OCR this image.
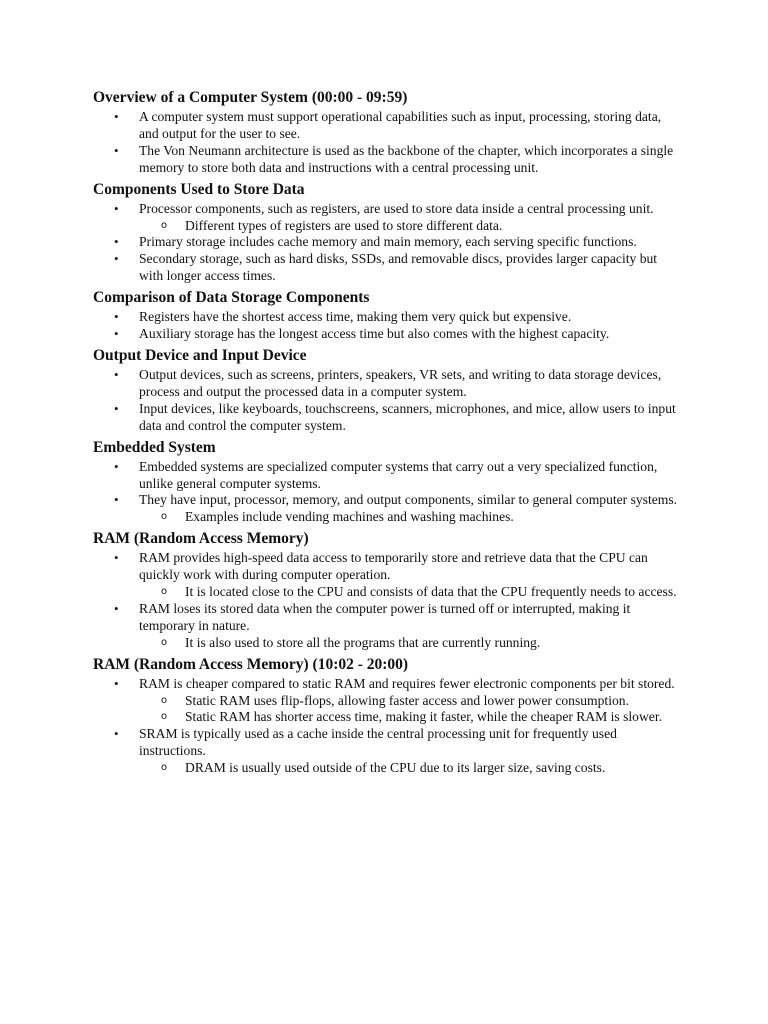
Overview of a Computer System (00:00 - 09:59)
• A computer system must support operational capabilities such as input, processing, storing data, and output for the user to see.
• The Von Neumann architecture is used as the backbone of the chapter, which incorporates a single memory to store both data and instructions with a central processing unit.
Components Used to Store Data
• Processor components, such as registers, are used to store data inside a central processing unit.
o Different types of registers are used to store different data.
• Primary storage includes cache memory and main memory, each serving specific functions.
• Secondary storage, such as hard disks, SSDs, and removable discs, provides larger capacity but with longer access times.
Comparison of Data Storage Components
• Registers have the shortest access time, making them very quick but expensive.
• Auxiliary storage has the longest access time but also comes with the highest capacity.
Output Device and Input Device
• Output devices, such as screens, printers, speakers, VR sets, and writing to data storage devices, process and output the processed data in a computer system.
• Input devices, like keyboards, touchscreens, scanners, microphones, and mice, allow users to input data and control the computer system.
Embedded System
• Embedded systems are specialized computer systems that carry out a very specialized function, unlike general computer systems.
• They have input, processor, memory, and output components, similar to general computer systems.
o Examples include vending machines and washing machines.
RAM (Random Access Memory)
• RAM provides high-speed data access to temporarily store and retrieve data that the CPU can quickly work with during computer operation.
o It is located close to the CPU and consists of data that the CPU frequently needs to access.
• RAM loses its stored data when the computer power is turned off or interrupted, making it temporary in nature.
o It is also used to store all the programs that are currently running.
RAM (Random Access Memory) (10:02 - 20:00)
• RAM is cheaper compared to static RAM and requires fewer electronic components per bit stored.
o Static RAM uses flip-flops, allowing faster access and lower power consumption.
o Static RAM has shorter access time, making it faster, while the cheaper RAM is slower.
• SRAM is typically used as a cache inside the central processing unit for frequently used instructions.
o DRAM is usually used outside of the CPU due to its larger size, saving costs.
